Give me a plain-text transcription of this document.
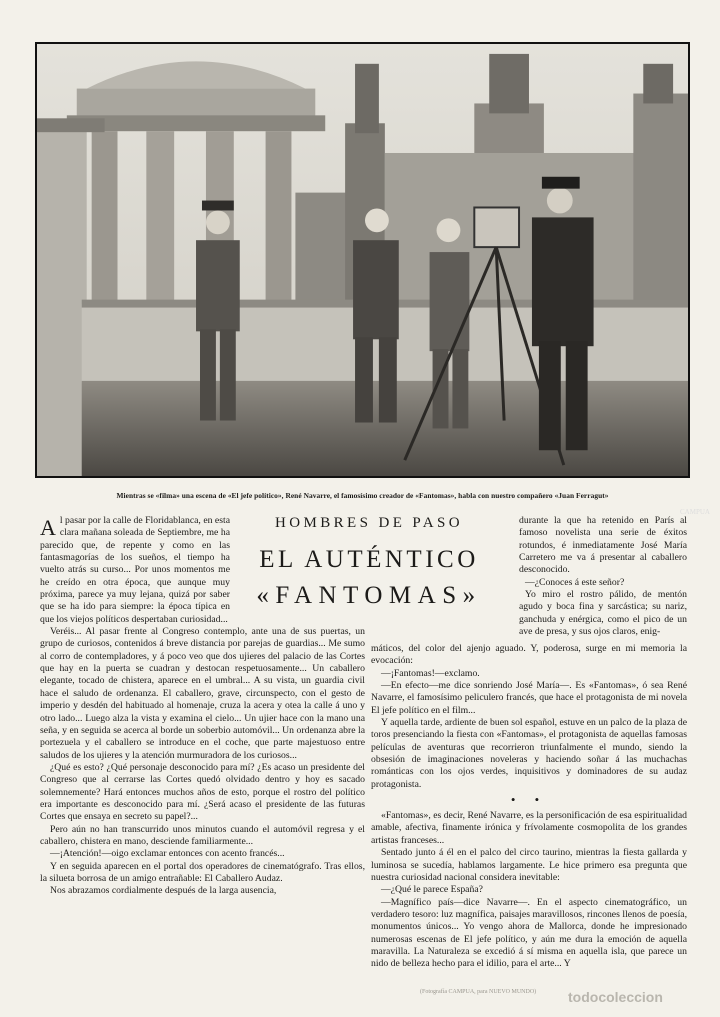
CAMPUA
Mientras se «filma» una escena de «El jefe político», René Navarre, el famosísimo creador de «Fantomas», habla con nuestro compañero «Juan Ferragut»
HOMBRES DE PASO
EL AUTÉNTICO
«FANTOMAS»

Al pasar por la calle de Floridablanca, en esta clara mañana soleada de Septiembre, me ha parecido que, de repente y como en las fantasmagorías de los sueños, el tiempo ha vuelto atrás su curso... Por unos momentos me he creído en otra época, que aunque muy próxima, parece ya muy lejana, quizá por saber que se ha ido para siempre: la época típica en que los viejos políticos despertaban curiosidad...

Veréis... Al pasar frente al Congreso contemplo, ante una de sus puertas, un grupo de curiosos, contenidos á breve distancia por parejas de guardias... Me sumo al corro de contempladores, y á poco veo que dos ujieres del palacio de las Cortes que hay en la puerta se cuadran y destocan respetuosamente... Un caballero elegante, tocado de chistera, aparece en el umbral... A su vista, un guardia civil hace el saludo de ordenanza. El caballero, grave, circunspecto, con el gesto de imperio y desdén del habituado al homenaje, cruza la acera y otea la calle á uno y otro lado... Luego alza la vista y examina el cielo... Un ujier hace con la mano una seña, y en seguida se acerca al borde un soberbio automóvil... Un ordenanza abre la portezuela y el caballero se introduce en el coche, que parte majestuoso entre saludos de los ujieres y la atención murmuradora de los curiosos...

¿Qué es esto? ¿Qué personaje desconocido para mí? ¿Es acaso un presidente del Congreso que al cerrarse las Cortes quedó olvidado dentro y hoy es sacado solemnemente? Hará entonces muchos años de esto, porque el rostro del político era importante es desconocido para mí. ¿Será acaso el presidente de las futuras Cortes que ensaya en secreto su papel?...

Pero aún no han transcurrido unos minutos cuando el automóvil regresa y el caballero, chistera en mano, desciende familiarmente...

—¡Atención!—oigo exclamar entonces con acento francés...

Y en seguida aparecen en el portal dos operadores de cinematógrafo. Tras ellos, la silueta borrosa de un amigo entrañable: El Caballero Audaz.

Nos abrazamos cordialmente después de la larga ausencia,

durante la que ha retenido en París al famoso novelista una serie de éxitos rotundos, é inmediatamente José María Carretero me va á presentar al caballero desconocido.

—¿Conoces á este señor?

Yo miro el rostro pálido, de mentón agudo y boca fina y sarcástica; su nariz, ganchuda y enérgica, como el pico de un ave de presa, y sus ojos claros, enig-

máticos, del color del ajenjo aguado. Y, poderosa, surge en mi memoria la evocación:

—¡Fantomas!—exclamo.

—En efecto—me dice sonriendo José María—. Es «Fantomas», ó sea René Navarre, el famosísimo peliculero francés, que hace el protagonista de mi novela El jefe político en el film...

Y aquella tarde, ardiente de buen sol español, estuve en un palco de la plaza de toros presenciando la fiesta con «Fantomas», el protagonista de aquellas famosas películas de aventuras que recorrieron triunfalmente el mundo, siendo la obsesión de imaginaciones noveleras y haciendo soñar á las muchachas románticas con los ojos verdes, inquisitivos y dominadores de su audaz protagonista.

• •

«Fantomas», es decir, René Navarre, es la personificación de esa espiritualidad amable, afectiva, finamente irónica y frívolamente cosmopolita de los grandes artistas franceses...

Sentado junto á él en el palco del circo taurino, mientras la fiesta gallarda y luminosa se sucedía, hablamos largamente. Le hice primero esa pregunta que nuestra curiosidad nacional considera inevitable:

—¿Qué le parece España?

—Magnífico país—dice Navarre—. En el aspecto cinematográfico, un verdadero tesoro: luz magnífica, paisajes maravillosos, rincones llenos de poesía, monumentos únicos... Yo vengo ahora de Mallorca, donde he impresionado numerosas escenas de El jefe político, y aún me dura la emoción de aquella maravilla. La Naturaleza se excedió á sí misma en aquella isla, que parece un nido de belleza hecho para el idilio, para el arte... Y

(Fotografía CAMPUA, para NUEVO MUNDO) todocoleccion
